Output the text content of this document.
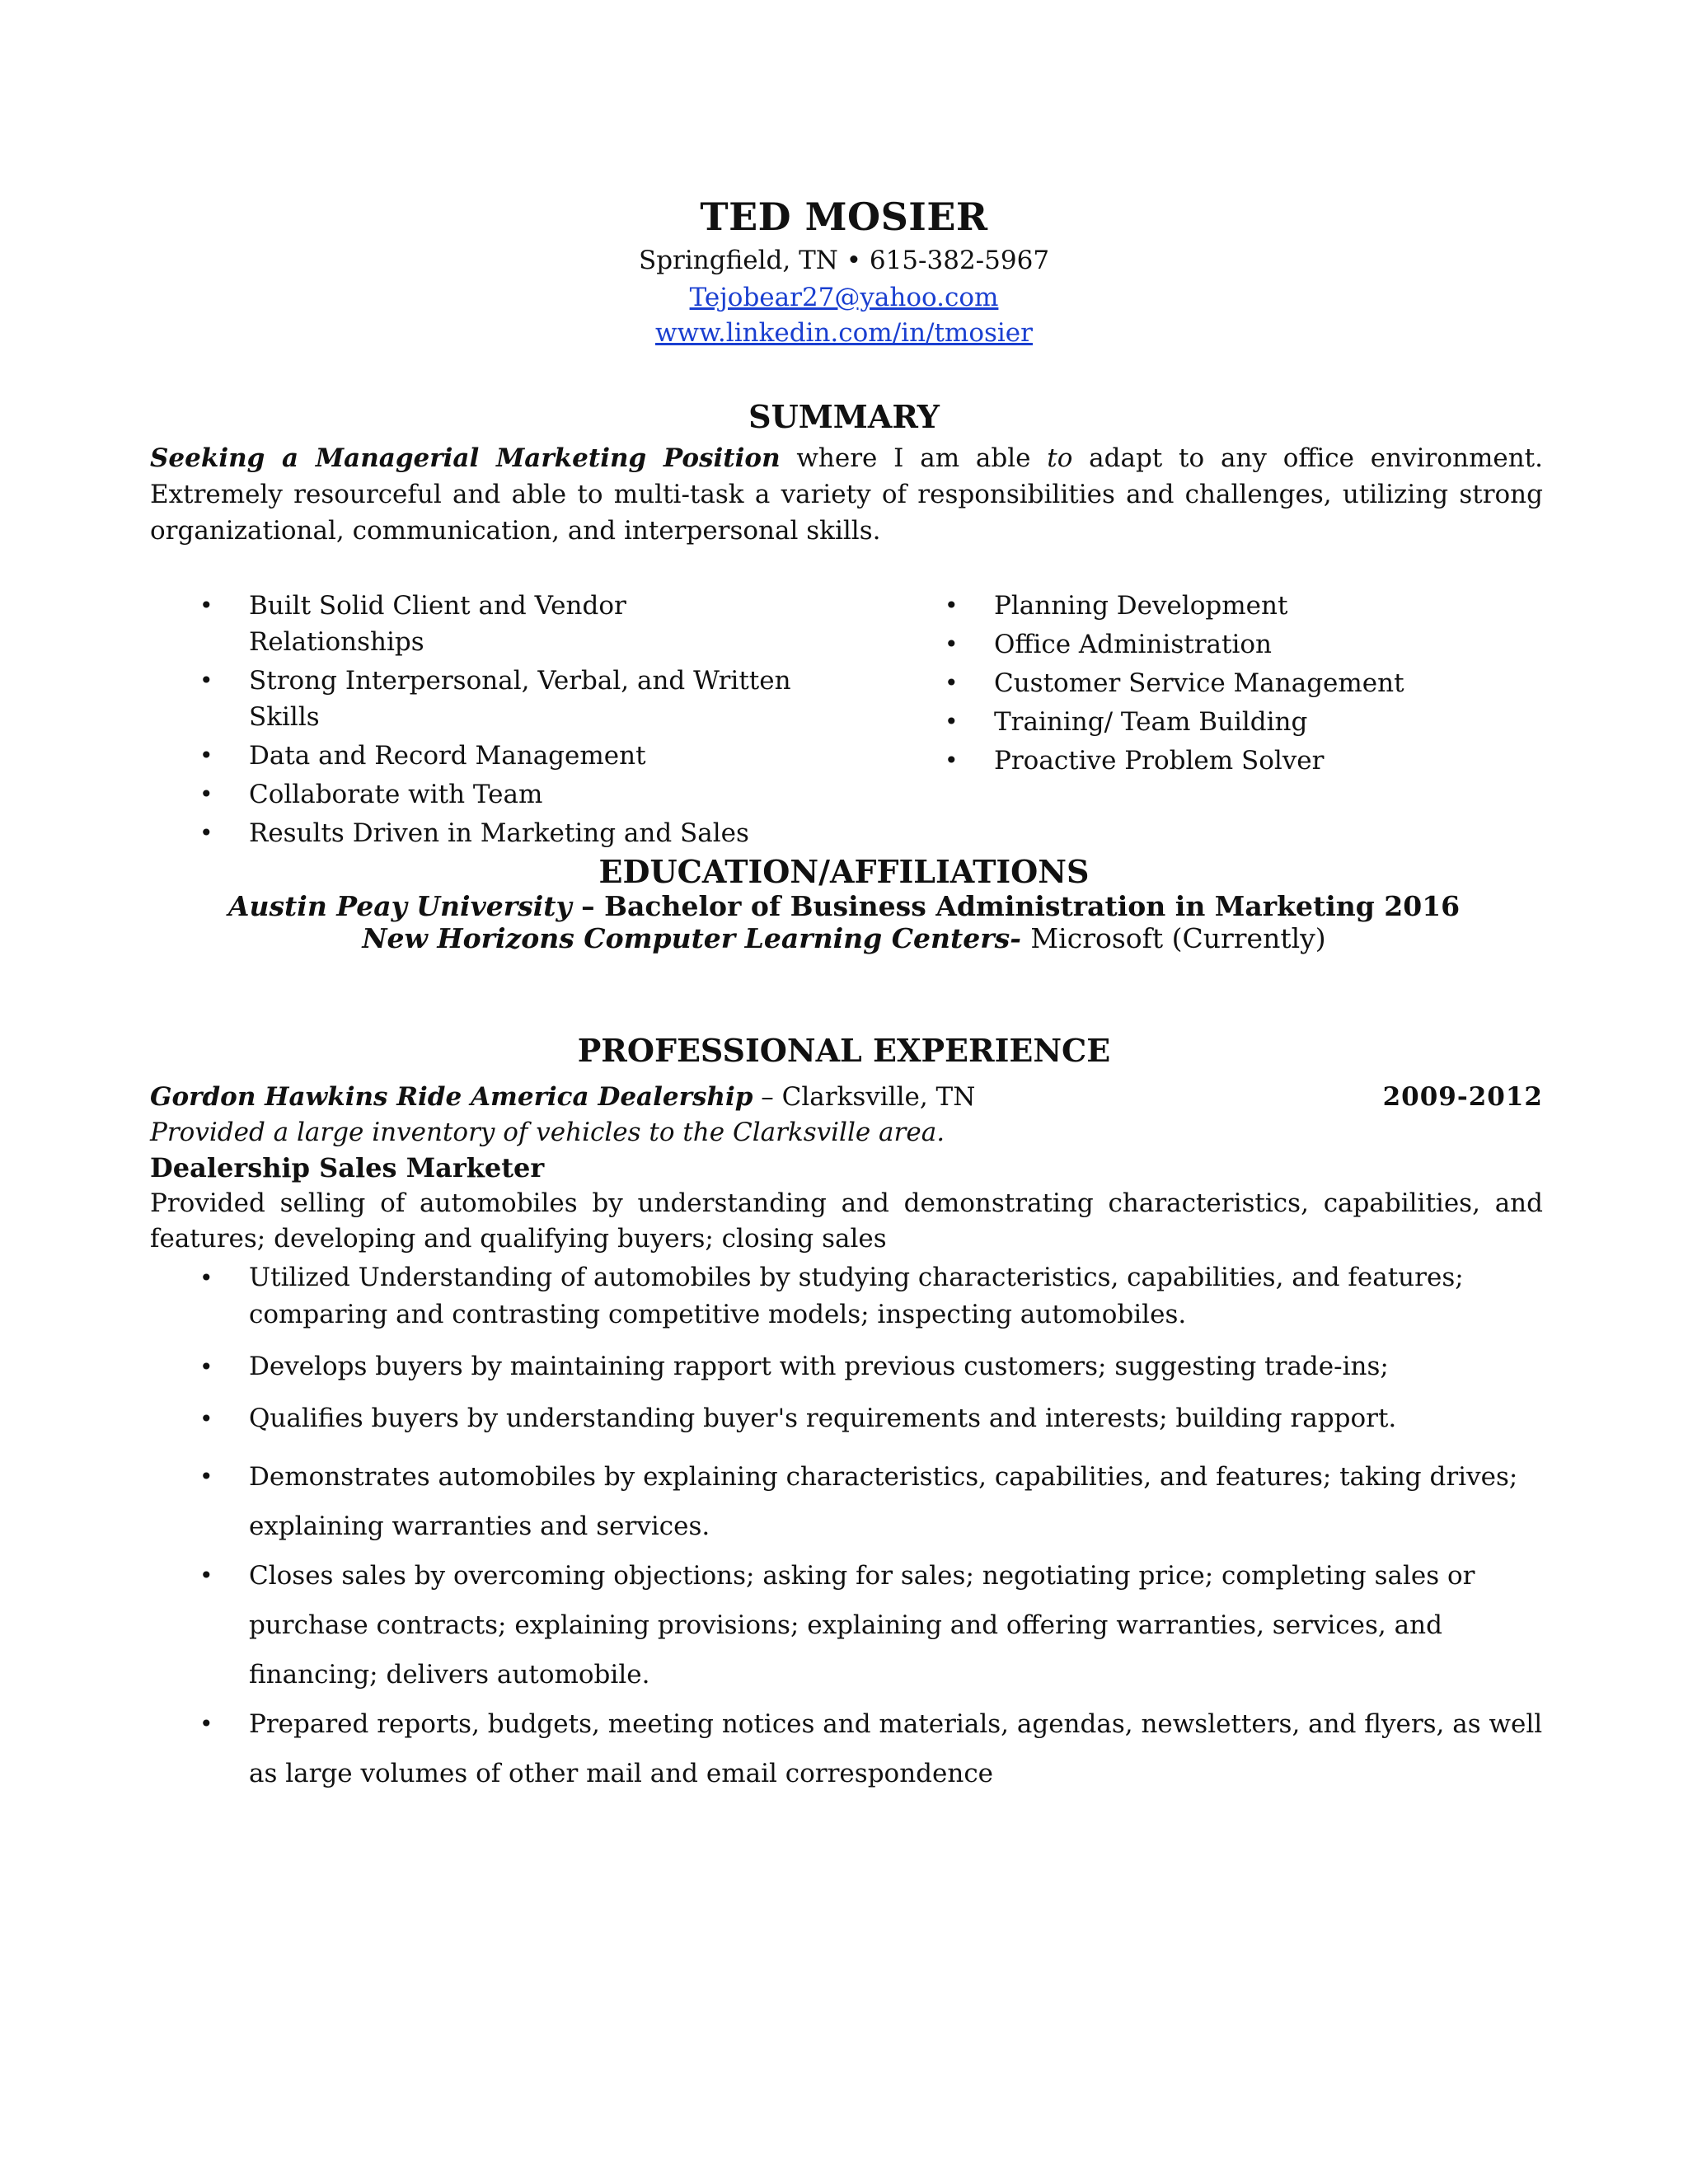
TED MOSIER
Springfield, TN • 615-382-5967
Tejobear27@yahoo.com
www.linkedin.com/in/tmosier
SUMMARY
Seeking a Managerial Marketing Position where I am able to adapt to any office environment. Extremely resourceful and able to multi-task a variety of responsibilities and challenges, utilizing strong organizational, communication, and interpersonal skills.
• Built Solid Client and Vendor Relationships
• Strong Interpersonal, Verbal, and Written Skills
• Data and Record Management
• Collaborate with Team
• Results Driven in Marketing and Sales
• Planning Development
• Office Administration
• Customer Service Management
• Training/ Team Building
• Proactive Problem Solver
EDUCATION/AFFILIATIONS
Austin Peay University – Bachelor of Business Administration in Marketing 2016
New Horizons Computer Learning Centers- Microsoft (Currently)
PROFESSIONAL EXPERIENCE
Gordon Hawkins Ride America Dealership – Clarksville, TN	2009-2012
Provided a large inventory of vehicles to the Clarksville area.
Dealership Sales Marketer
Provided selling of automobiles by understanding and demonstrating characteristics, capabilities, and features; developing and qualifying buyers; closing sales
• Utilized Understanding of automobiles by studying characteristics, capabilities, and features; comparing and contrasting competitive models; inspecting automobiles.
• Develops buyers by maintaining rapport with previous customers; suggesting trade-ins;
• Qualifies buyers by understanding buyer's requirements and interests; building rapport.
• Demonstrates automobiles by explaining characteristics, capabilities, and features; taking drives; explaining warranties and services.
• Closes sales by overcoming objections; asking for sales; negotiating price; completing sales or purchase contracts; explaining provisions; explaining and offering warranties, services, and financing; delivers automobile.
• Prepared reports, budgets, meeting notices and materials, agendas, newsletters, and flyers, as well as large volumes of other mail and email correspondence
